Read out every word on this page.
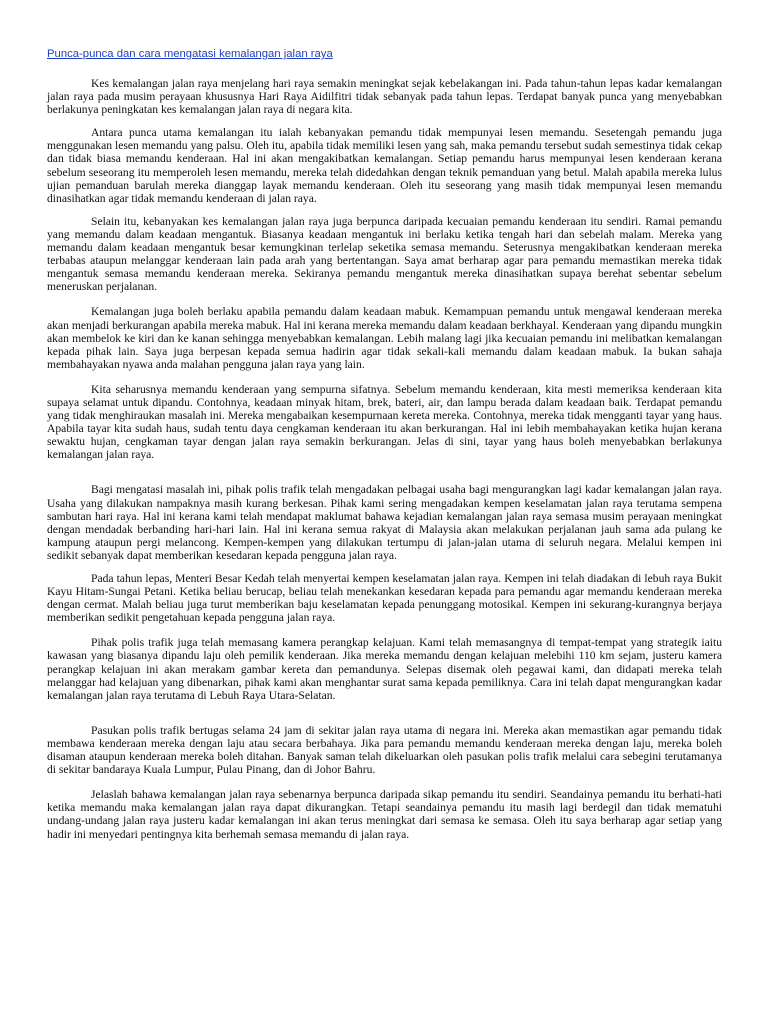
Punca-punca dan cara mengatasi kemalangan jalan raya

Kes kemalangan jalan raya menjelang hari raya semakin meningkat sejak kebelakangan ini. Pada tahun-tahun lepas kadar kemalangan jalan raya pada musim perayaan khususnya Hari Raya Aidilfitri tidak sebanyak pada tahun lepas. Terdapat banyak punca yang menyebabkan berlakunya peningkatan kes kemalangan jalan raya di negara kita.

Antara punca utama kemalangan itu ialah kebanyakan pemandu tidak mempunyai lesen memandu. Sesetengah pemandu juga menggunakan lesen memandu yang palsu. Oleh itu, apabila tidak memiliki lesen yang sah, maka pemandu tersebut sudah semestinya tidak cekap dan tidak biasa memandu kenderaan. Hal ini akan mengakibatkan kemalangan. Setiap pemandu harus mempunyai lesen kenderaan kerana sebelum seseorang itu memperoleh lesen memandu, mereka telah didedahkan dengan teknik pemanduan yang betul. Malah apabila mereka lulus ujian pemanduan barulah mereka dianggap layak memandu kenderaan. Oleh itu seseorang yang masih tidak mempunyai lesen memandu dinasihatkan agar tidak memandu kenderaan di jalan raya.

Selain itu, kebanyakan kes kemalangan jalan raya juga berpunca daripada kecuaian pemandu kenderaan itu sendiri. Ramai pemandu yang memandu dalam keadaan mengantuk. Biasanya keadaan mengantuk ini berlaku ketika tengah hari dan sebelah malam. Mereka yang memandu dalam keadaan mengantuk besar kemungkinan terlelap seketika semasa memandu. Seterusnya mengakibatkan kenderaan mereka terbabas ataupun melanggar kenderaan lain pada arah yang bertentangan. Saya amat berharap agar para pemandu memastikan mereka tidak mengantuk semasa memandu kenderaan mereka. Sekiranya pemandu mengantuk mereka dinasihatkan supaya berehat sebentar sebelum meneruskan perjalanan.

Kemalangan juga boleh berlaku apabila pemandu dalam keadaan mabuk. Kemampuan pemandu untuk mengawal kenderaan mereka akan menjadi berkurangan apabila mereka mabuk. Hal ini kerana mereka memandu dalam keadaan berkhayal. Kenderaan yang dipandu mungkin akan membelok ke kiri dan ke kanan sehingga menyebabkan kemalangan. Lebih malang lagi jika kecuaian pemandu ini melibatkan kemalangan kepada pihak lain. Saya juga berpesan kepada semua hadirin agar tidak sekali-kali memandu dalam keadaan mabuk. Ia bukan sahaja membahayakan nyawa anda malahan pengguna jalan raya yang lain.

Kita seharusnya memandu kenderaan yang sempurna sifatnya. Sebelum memandu kenderaan, kita mesti memeriksa kenderaan kita supaya selamat untuk dipandu. Contohnya, keadaan minyak hitam, brek, bateri, air, dan lampu berada dalam keadaan baik. Terdapat pemandu yang tidak menghiraukan masalah ini. Mereka mengabaikan kesempurnaan kereta mereka. Contohnya, mereka tidak mengganti tayar yang haus. Apabila tayar kita sudah haus, sudah tentu daya cengkaman kenderaan itu akan berkurangan. Hal ini lebih membahayakan ketika hujan kerana sewaktu hujan, cengkaman tayar dengan jalan raya semakin berkurangan. Jelas di sini, tayar yang haus boleh menyebabkan berlakunya kemalangan jalan raya.

Bagi mengatasi masalah ini, pihak polis trafik telah mengadakan pelbagai usaha bagi mengurangkan lagi kadar kemalangan jalan raya. Usaha yang dilakukan nampaknya masih kurang berkesan. Pihak kami sering mengadakan kempen keselamatan jalan raya terutama sempena sambutan hari raya. Hal ini kerana kami telah mendapat maklumat bahawa kejadian kemalangan jalan raya semasa musim perayaan meningkat dengan mendadak berbanding hari-hari lain. Hal ini kerana semua rakyat di Malaysia akan melakukan perjalanan jauh sama ada pulang ke kampung ataupun pergi melancong. Kempen-kempen yang dilakukan tertumpu di jalan-jalan utama di seluruh negara. Melalui kempen ini sedikit sebanyak dapat memberikan kesedaran kepada pengguna jalan raya.

Pada tahun lepas, Menteri Besar Kedah telah menyertai kempen keselamatan jalan raya. Kempen ini telah diadakan di lebuh raya Bukit Kayu Hitam-Sungai Petani. Ketika beliau berucap, beliau telah menekankan kesedaran kepada para pemandu agar memandu kenderaan mereka dengan cermat. Malah beliau juga turut memberikan baju keselamatan kepada penunggang motosikal. Kempen ini sekurang-kurangnya berjaya memberikan sedikit pengetahuan kepada pengguna jalan raya.

Pihak polis trafik juga telah memasang kamera perangkap kelajuan. Kami telah memasangnya di tempat-tempat yang strategik iaitu kawasan yang biasanya dipandu laju oleh pemilik kenderaan. Jika mereka memandu dengan kelajuan melebihi 110 km sejam, justeru kamera perangkap kelajuan ini akan merakam gambar kereta dan pemandunya. Selepas disemak oleh pegawai kami, dan didapati mereka telah melanggar had kelajuan yang dibenarkan, pihak kami akan menghantar surat sama kepada pemiliknya. Cara ini telah dapat mengurangkan kadar kemalangan jalan raya terutama di Lebuh Raya Utara-Selatan.

Pasukan polis trafik bertugas selama 24 jam di sekitar jalan raya utama di negara ini. Mereka akan memastikan agar pemandu tidak membawa kenderaan mereka dengan laju atau secara berbahaya. Jika para pemandu memandu kenderaan mereka dengan laju, mereka boleh disaman ataupun kenderaan mereka boleh ditahan. Banyak saman telah dikeluarkan oleh pasukan polis trafik melalui cara sebegini terutamanya di sekitar bandaraya Kuala Lumpur, Pulau Pinang, dan di Johor Bahru.

Jelaslah bahawa kemalangan jalan raya sebenarnya berpunca daripada sikap pemandu itu sendiri. Seandainya pemandu itu berhati-hati ketika memandu maka kemalangan jalan raya dapat dikurangkan. Tetapi seandainya pemandu itu masih lagi berdegil dan tidak mematuhi undang-undang jalan raya justeru kadar kemalangan ini akan terus meningkat dari semasa ke semasa. Oleh itu saya berharap agar setiap yang hadir ini menyedari pentingnya kita berhemah semasa memandu di jalan raya.
